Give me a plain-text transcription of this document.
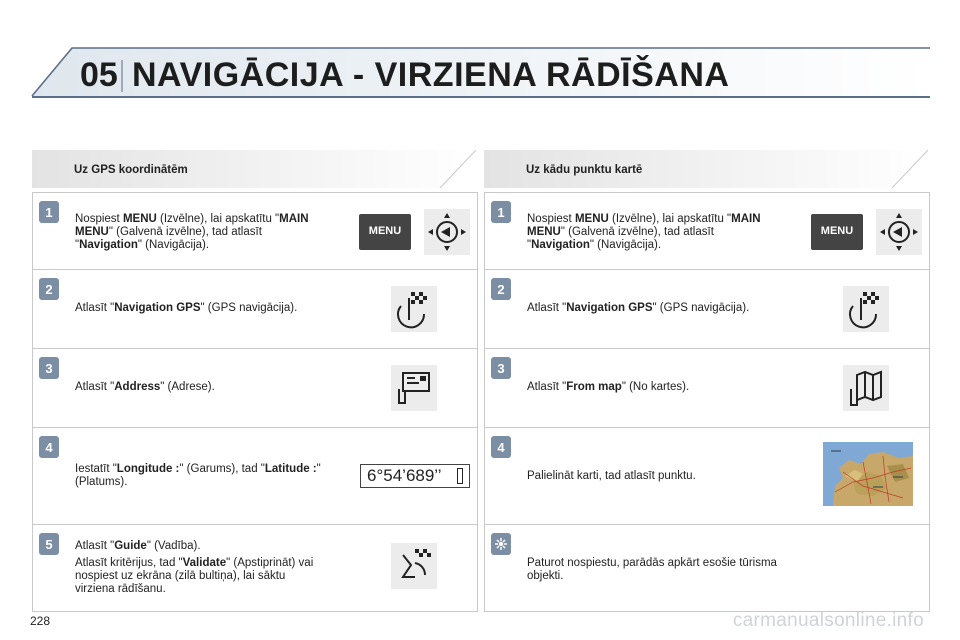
05 NAVIGĀCIJA - VIRZIENA RĀDĪŠANA
Uz GPS koordinātēm
1 Nospiest MENU (Izvēlne), lai apskatītu "MAIN MENU" (Galvenā izvēlne), tad atlasīt "Navigation" (Navigācija).
MENU
2
Atlasīt "Navigation GPS" (GPS navigācija).
3
Atlasīt "Address" (Adrese).
4
Iestatīt "Longitude :" (Garums), tad "Latitude :" (Platums).	6°54’689’’
5 Atlasīt "Guide" (Vadība).
Atlasīt kritērijus, tad "Validate" (Apstiprināt) vai nospiest uz ekrāna (zilā bultiņa), lai sāktu virziena rādīšanu.
Uz kādu punktu kartē
1 Nospiest MENU (Izvēlne), lai apskatītu "MAIN MENU" (Galvenā izvēlne), tad atlasīt "Navigation" (Navigācija).
MENU
2
Atlasīt "Navigation GPS" (GPS navigācija).
3
Atlasīt "From map" (No kartes).
4
Palielināt karti, tad atlasīt punktu.
Paturot nospiestu, parādās apkārt esošie tūrisma objekti.
228	carmanualsonline.info
